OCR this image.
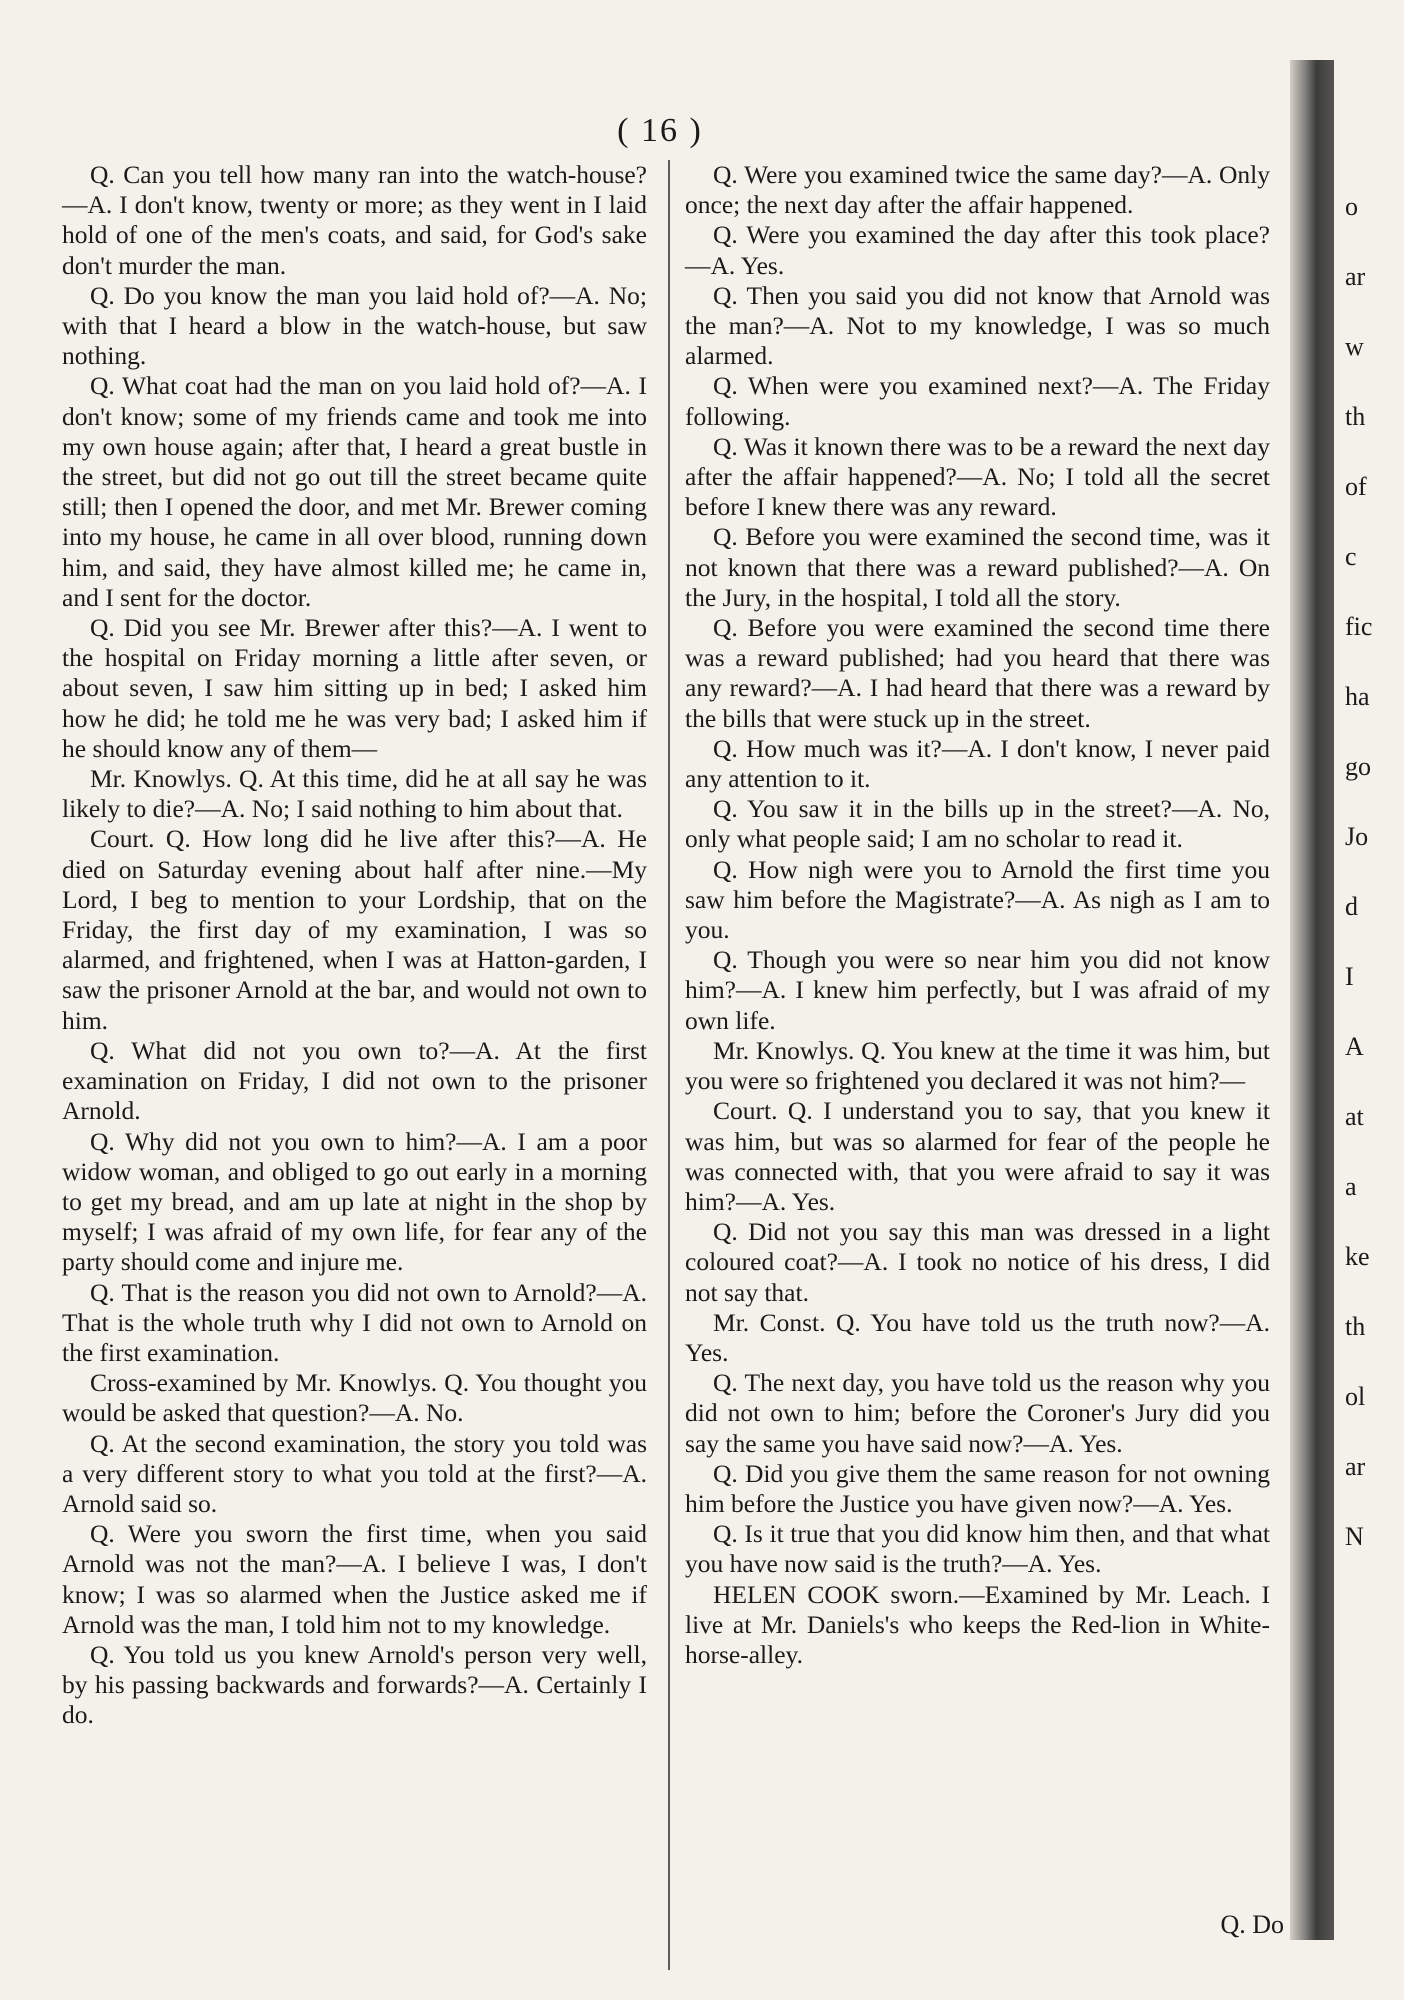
( 16 )

Q. Can you tell how many ran into the watch-house?—A. I don't know, twenty or more; as they went in I laid hold of one of the men's coats, and said, for God's sake don't murder the man.

Q. Do you know the man you laid hold of?—A. No; with that I heard a blow in the watch-house, but saw nothing.

Q. What coat had the man on you laid hold of?—A. I don't know; some of my friends came and took me into my own house again; after that, I heard a great bustle in the street, but did not go out till the street became quite still; then I opened the door, and met Mr. Brewer coming into my house, he came in all over blood, running down him, and said, they have almost killed me; he came in, and I sent for the doctor.

Q. Did you see Mr. Brewer after this?—A. I went to the hospital on Friday morning a little after seven, or about seven, I saw him sitting up in bed; I asked him how he did; he told me he was very bad; I asked him if he should know any of them—

Mr. Knowlys. Q. At this time, did he at all say he was likely to die?—A. No; I said nothing to him about that.

Court. Q. How long did he live after this?—A. He died on Saturday evening about half after nine.—My Lord, I beg to mention to your Lordship, that on the Friday, the first day of my examination, I was so alarmed, and frightened, when I was at Hatton-garden, I saw the prisoner Arnold at the bar, and would not own to him.

Q. What did not you own to?—A. At the first examination on Friday, I did not own to the prisoner Arnold.

Q. Why did not you own to him?—A. I am a poor widow woman, and obliged to go out early in a morning to get my bread, and am up late at night in the shop by myself; I was afraid of my own life, for fear any of the party should come and injure me.

Q. That is the reason you did not own to Arnold?—A. That is the whole truth why I did not own to Arnold on the first examination.

Cross-examined by Mr. Knowlys. Q. You thought you would be asked that question?—A. No.

Q. At the second examination, the story you told was a very different story to what you told at the first?—A. Arnold said so.

Q. Were you sworn the first time, when you said Arnold was not the man?—A. I believe I was, I don't know; I was so alarmed when the Justice asked me if Arnold was the man, I told him not to my knowledge.

Q. You told us you knew Arnold's person very well, by his passing backwards and forwards?—A. Certainly I do.

Q. Were you examined twice the same day?—A. Only once; the next day after the affair happened.

Q. Were you examined the day after this took place?—A. Yes.

Q. Then you said you did not know that Arnold was the man?—A. Not to my knowledge, I was so much alarmed.

Q. When were you examined next?—A. The Friday following.

Q. Was it known there was to be a reward the next day after the affair happened?—A. No; I told all the secret before I knew there was any reward.

Q. Before you were examined the second time, was it not known that there was a reward published?—A. On the Jury, in the hospital, I told all the story.

Q. Before you were examined the second time there was a reward published; had you heard that there was any reward?—A. I had heard that there was a reward by the bills that were stuck up in the street.

Q. How much was it?—A. I don't know, I never paid any attention to it.

Q. You saw it in the bills up in the street?—A. No, only what people said; I am no scholar to read it.

Q. How nigh were you to Arnold the first time you saw him before the Magistrate?—A. As nigh as I am to you.

Q. Though you were so near him you did not know him?—A. I knew him perfectly, but I was afraid of my own life.

Mr. Knowlys. Q. You knew at the time it was him, but you were so frightened you declared it was not him?—

Court. Q. I understand you to say, that you knew it was him, but was so alarmed for fear of the people he was connected with, that you were afraid to say it was him?—A. Yes.

Q. Did not you say this man was dressed in a light coloured coat?—A. I took no notice of his dress, I did not say that.

Mr. Const. Q. You have told us the truth now?—A. Yes.

Q. The next day, you have told us the reason why you did not own to him; before the Coroner's Jury did you say the same you have said now?—A. Yes.

Q. Did you give them the same reason for not owning him before the Justice you have given now?—A. Yes.

Q. Is it true that you did know him then, and that what you have now said is the truth?—A. Yes.

HELEN COOK sworn.—Examined by Mr. Leach. I live at Mr. Daniels's who keeps the Red-lion in White-horse-alley.

Q. Do
o
ar
w
th
of
c
fic
ha
go
Jo
d
I
A
at
a
ke
th
ol
ar
N
